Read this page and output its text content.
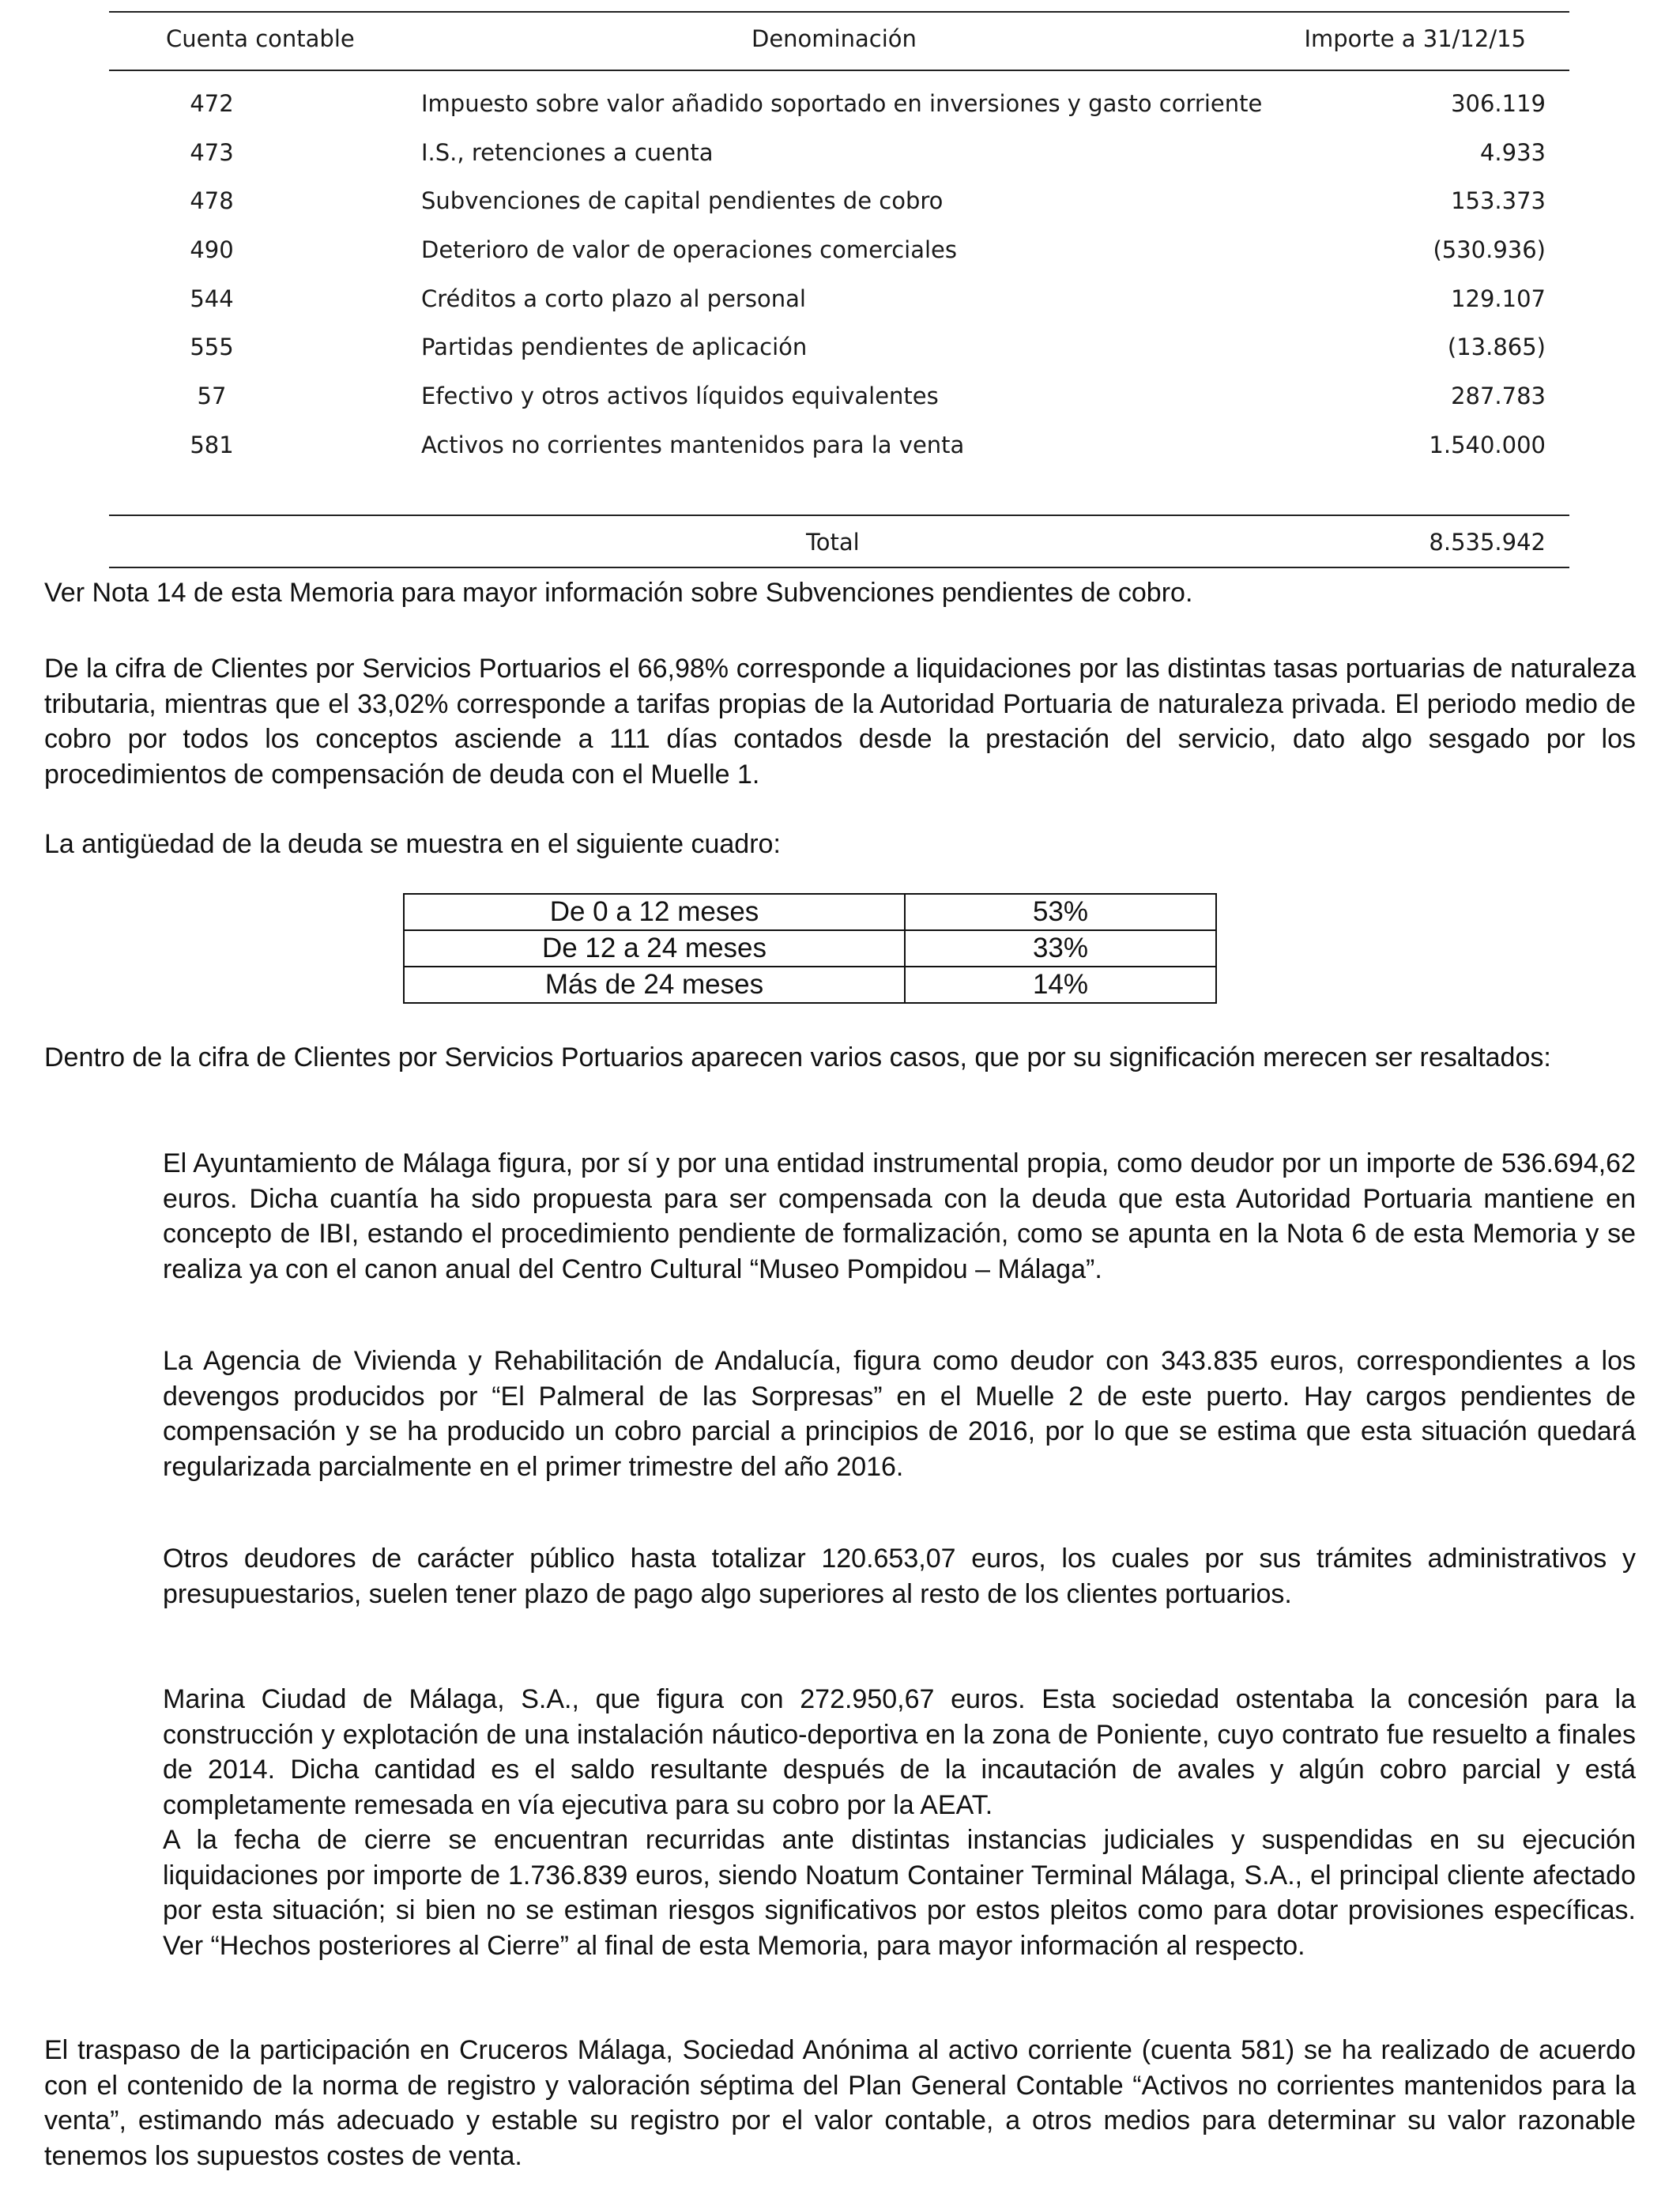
Cuenta contable	Denominación	Importe a 31/12/15
472	Impuesto sobre valor añadido soportado en inversiones y gasto corriente	306.119
473	I.S., retenciones a cuenta	4.933
478	Subvenciones de capital pendientes de cobro	153.373
490	Deterioro de valor de operaciones comerciales	(530.936)
544	Créditos a corto plazo al personal	129.107
555	Partidas pendientes de aplicación	(13.865)
57	Efectivo y otros activos líquidos equivalentes	287.783
581	Activos no corrientes mantenidos para la venta	1.540.000
Total	8.535.942

Ver Nota 14 de esta Memoria para mayor información sobre Subvenciones pendientes de cobro.

De la cifra de Clientes por Servicios Portuarios el 66,98% corresponde a liquidaciones por las distintas tasas portuarias de naturaleza tributaria, mientras que el 33,02% corresponde a tarifas propias de la Autoridad Portuaria de naturaleza privada. El periodo medio de cobro por todos los conceptos asciende a 111 días contados desde la prestación del servicio, dato algo sesgado por los procedimientos de compensación de deuda con el Muelle 1.

La antigüedad de la deuda se muestra en el siguiente cuadro:

De 0 a 12 meses	53%
De 12 a 24 meses	33%
Más de 24 meses	14%

Dentro de la cifra de Clientes por Servicios Portuarios aparecen varios casos, que por su significación merecen ser resaltados:

El Ayuntamiento de Málaga figura, por sí y por una entidad instrumental propia, como deudor por un importe de 536.694,62 euros. Dicha cuantía ha sido propuesta para ser compensada con la deuda que esta Autoridad Portuaria mantiene en concepto de IBI, estando el procedimiento pendiente de formalización, como se apunta en la Nota 6 de esta Memoria y se realiza ya con el canon anual del Centro Cultural “Museo Pompidou – Málaga”.

La Agencia de Vivienda y Rehabilitación de Andalucía, figura como deudor con 343.835 euros, correspondientes a los devengos producidos por “El Palmeral de las Sorpresas” en el Muelle 2 de este puerto. Hay cargos pendientes de compensación y se ha producido un cobro parcial a principios de 2016, por lo que se estima que esta situación quedará regularizada parcialmente en el primer trimestre del año 2016.

Otros deudores de carácter público hasta totalizar 120.653,07 euros, los cuales por sus trámites administrativos y presupuestarios, suelen tener plazo de pago algo superiores al resto de los clientes portuarios.

Marina Ciudad de Málaga, S.A., que figura con 272.950,67 euros. Esta sociedad ostentaba la concesión para la construcción y explotación de una instalación náutico-deportiva en la zona de Poniente, cuyo contrato fue resuelto a finales de 2014. Dicha cantidad es el saldo resultante después de la incautación de avales y algún cobro parcial y está completamente remesada en vía ejecutiva para su cobro por la AEAT.

A la fecha de cierre se encuentran recurridas ante distintas instancias judiciales y suspendidas en su ejecución liquidaciones por importe de 1.736.839 euros, siendo Noatum Container Terminal Málaga, S.A., el principal cliente afectado por esta situación; si bien no se estiman riesgos significativos por estos pleitos como para dotar provisiones específicas. Ver “Hechos posteriores al Cierre” al final de esta Memoria, para mayor información al respecto.

El traspaso de la participación en Cruceros Málaga, Sociedad Anónima al activo corriente (cuenta 581) se ha realizado de acuerdo con el contenido de la norma de registro y valoración séptima del Plan General Contable “Activos no corrientes mantenidos para la venta”, estimando más adecuado y estable su registro por el valor contable, a otros medios para determinar su valor razonable tenemos los supuestos costes de venta.
